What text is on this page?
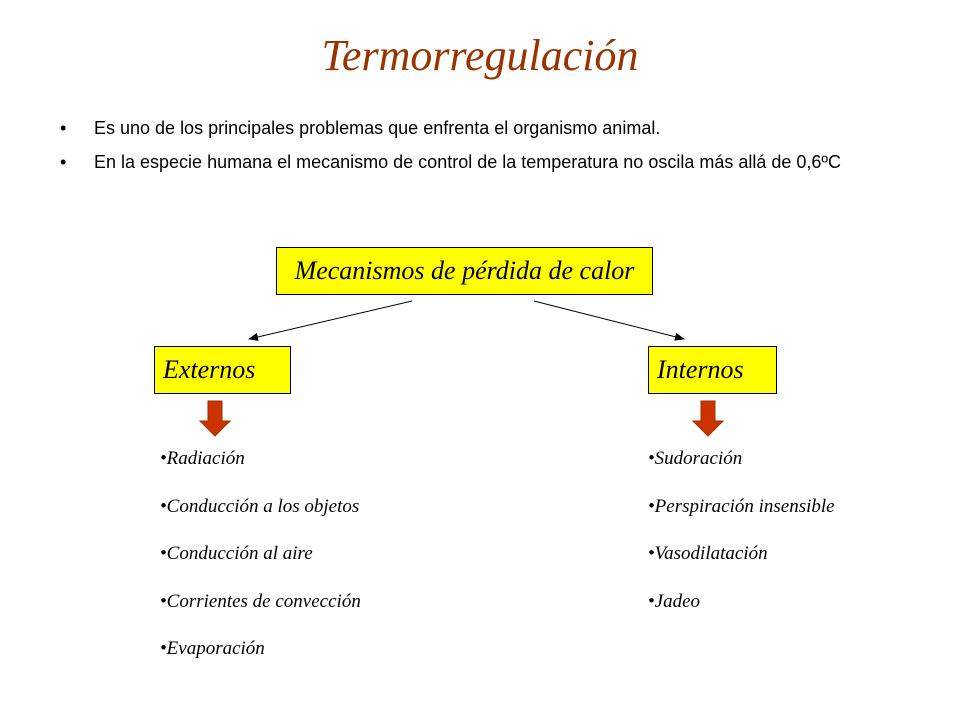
Termorregulación
• Es uno de los principales problemas que enfrenta el organismo animal.
• En la especie humana el mecanismo de control de la temperatura no oscila más allá de 0,6ºC
Mecanismos de pérdida de calor
Externos	Internos
•Radiación
•Conducción a los objetos
•Conducción al aire
•Corrientes de convección
•Evaporación
•Sudoración
•Perspiración insensible
•Vasodilatación
•Jadeo
